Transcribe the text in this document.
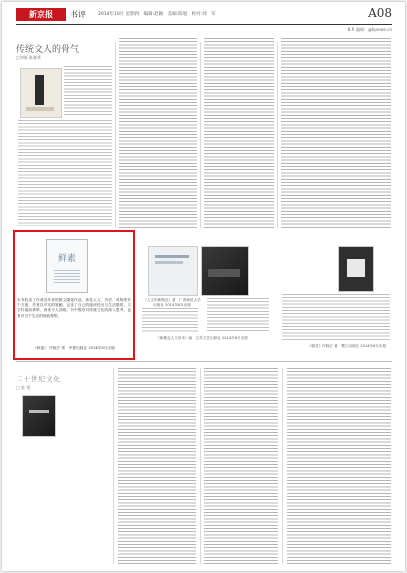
新京报	书评	2014年10月 星期四　编辑:赵颖　美编:陈旭　校对:刘　军	A08
B.P. 编辑：@bjnews.cn
传统文人的骨气
□刘浙 陈春华
鲜素
本书收录了作者近年来的散文随笔作品，涉及人文、历史、风物等多个方面。作者以平实的笔触，记录了自己的阅读经历与生活感悟，文字朴素而真挚，读来令人回味。书中既有对传统文化的深入思考，也有对当下生活的细致观察。
《鲜素》 许晓宏 著　华夏出版社 2014年8月出版
《人生的新概念》著　广西师范大学出版社 2014年8月出版
《新概念人文读本》编　江苏文艺出版社 2014年8月出版
《朝花》许晓宏 著　鹭江出版社 2014年8月出版
二十世纪文化
□ 陈 建
